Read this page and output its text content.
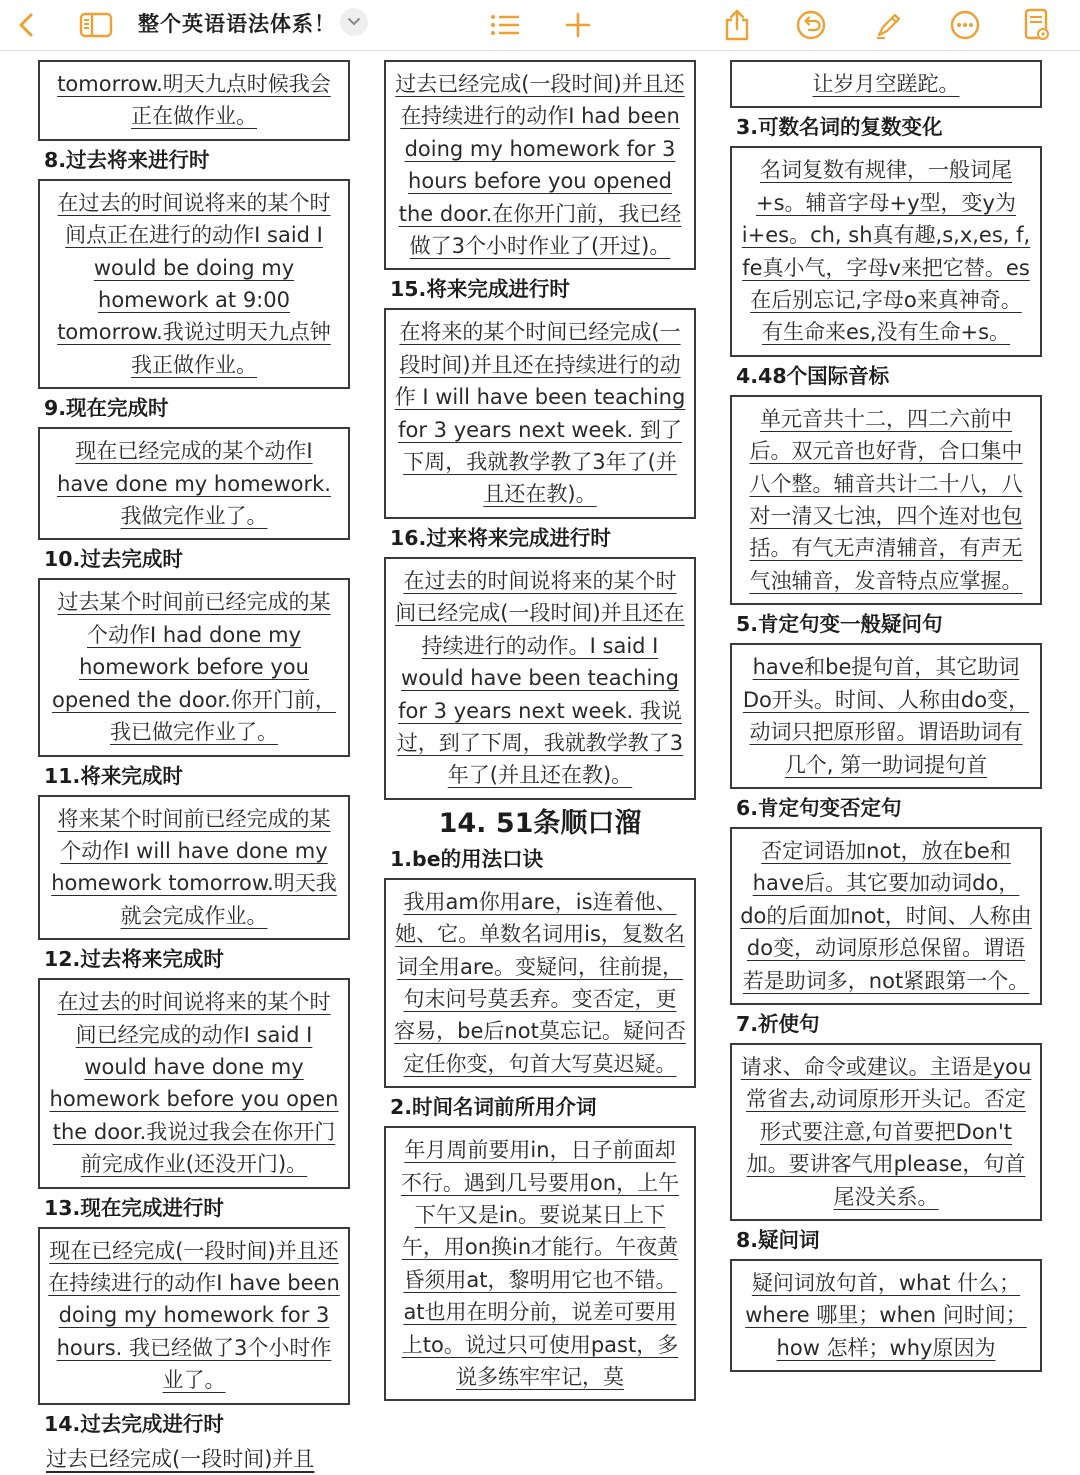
整个英语语法体系！
tomorrow.明天九点时候我会正在做作业。
8.过去将来进行时
在过去的时间说将来的某个时间点正在进行的动作I said I would be doing my homework at 9:00 tomorrow.我说过明天九点钟我正做作业。
9.现在完成时
现在已经完成的某个动作I have done my homework.我做完作业了。
10.过去完成时
过去某个时间前已经完成的某个动作I had done my homework before you opened the door.你开门前，我已做完作业了。
11.将来完成时
将来某个时间前已经完成的某个动作I will have done my homework tomorrow.明天我就会完成作业。
12.过去将来完成时
在过去的时间说将来的某个时间已经完成的动作I said I would have done my homework before you open the door.我说过我会在你开门前完成作业(还没开门)。
13.现在完成进行时
现在已经完成(一段时间)并且还在持续进行的动作I have been doing my homework for 3 hours. 我已经做了3个小时作业了。
14.过去完成进行时
过去已经完成(一段时间)并且
过去已经完成(一段时间)并且还在持续进行的动作I had been doing my homework for 3 hours before you opened the door.在你开门前，我已经做了3个小时作业了(开过)。
15.将来完成进行时
在将来的某个时间已经完成(一段时间)并且还在持续进行的动作 I will have been teaching for 3 years next week. 到了下周，我就教学教了3年了(并且还在教)。
16.过来将来完成进行时
在过去的时间说将来的某个时间已经完成(一段时间)并且还在持续进行的动作。I said I would have been teaching for 3 years next week. 我说过，到了下周，我就教学教了3年了(并且还在教)。
14. 51条顺口溜
1.be的用法口诀
我用am你用are，is连着他、她、它。单数名词用is，复数名词全用are。变疑问，往前提，句末问号莫丢弃。变否定，更容易，be后not莫忘记。疑问否定任你变，句首大写莫迟疑。
2.时间名词前所用介词
年月周前要用in，日子前面却不行。遇到几号要用on，上午下午又是in。要说某日上下午，用on换in才能行。午夜黄昏须用at，黎明用它也不错。at也用在明分前，说差可要用上to。说过只可使用past，多说多练牢牢记，莫
让岁月空蹉跎。
3.可数名词的复数变化
名词复数有规律，一般词尾+s。辅音字母+y型，变y为i+es。ch, sh真有趣,s,x,es, f, fe真小气，字母v来把它替。es在后别忘记,字母o来真神奇。有生命来es,没有生命+s。
4.48个国际音标
单元音共十二，四二六前中后。双元音也好背，合口集中八个整。辅音共计二十八，八对一清又七浊，四个连对也包括。有气无声清辅音，有声无气浊辅音，发音特点应掌握。
5.肯定句变一般疑问句
have和be提句首，其它助词Do开头。时间、人称由do变，动词只把原形留。谓语助词有几个, 第一助词提句首
6.肯定句变否定句
否定词语加not，放在be和have后。其它要加动词do，do的后面加not，时间、人称由do变，动词原形总保留。谓语若是助词多，not紧跟第一个。
7.祈使句
请求、命令或建议。主语是you常省去,动词原形开头记。否定形式要注意,句首要把Don't加。要讲客气用please，句首尾没关系。
8.疑问词
疑问词放句首，what 什么；where 哪里；when 问时间；how 怎样；why原因为
